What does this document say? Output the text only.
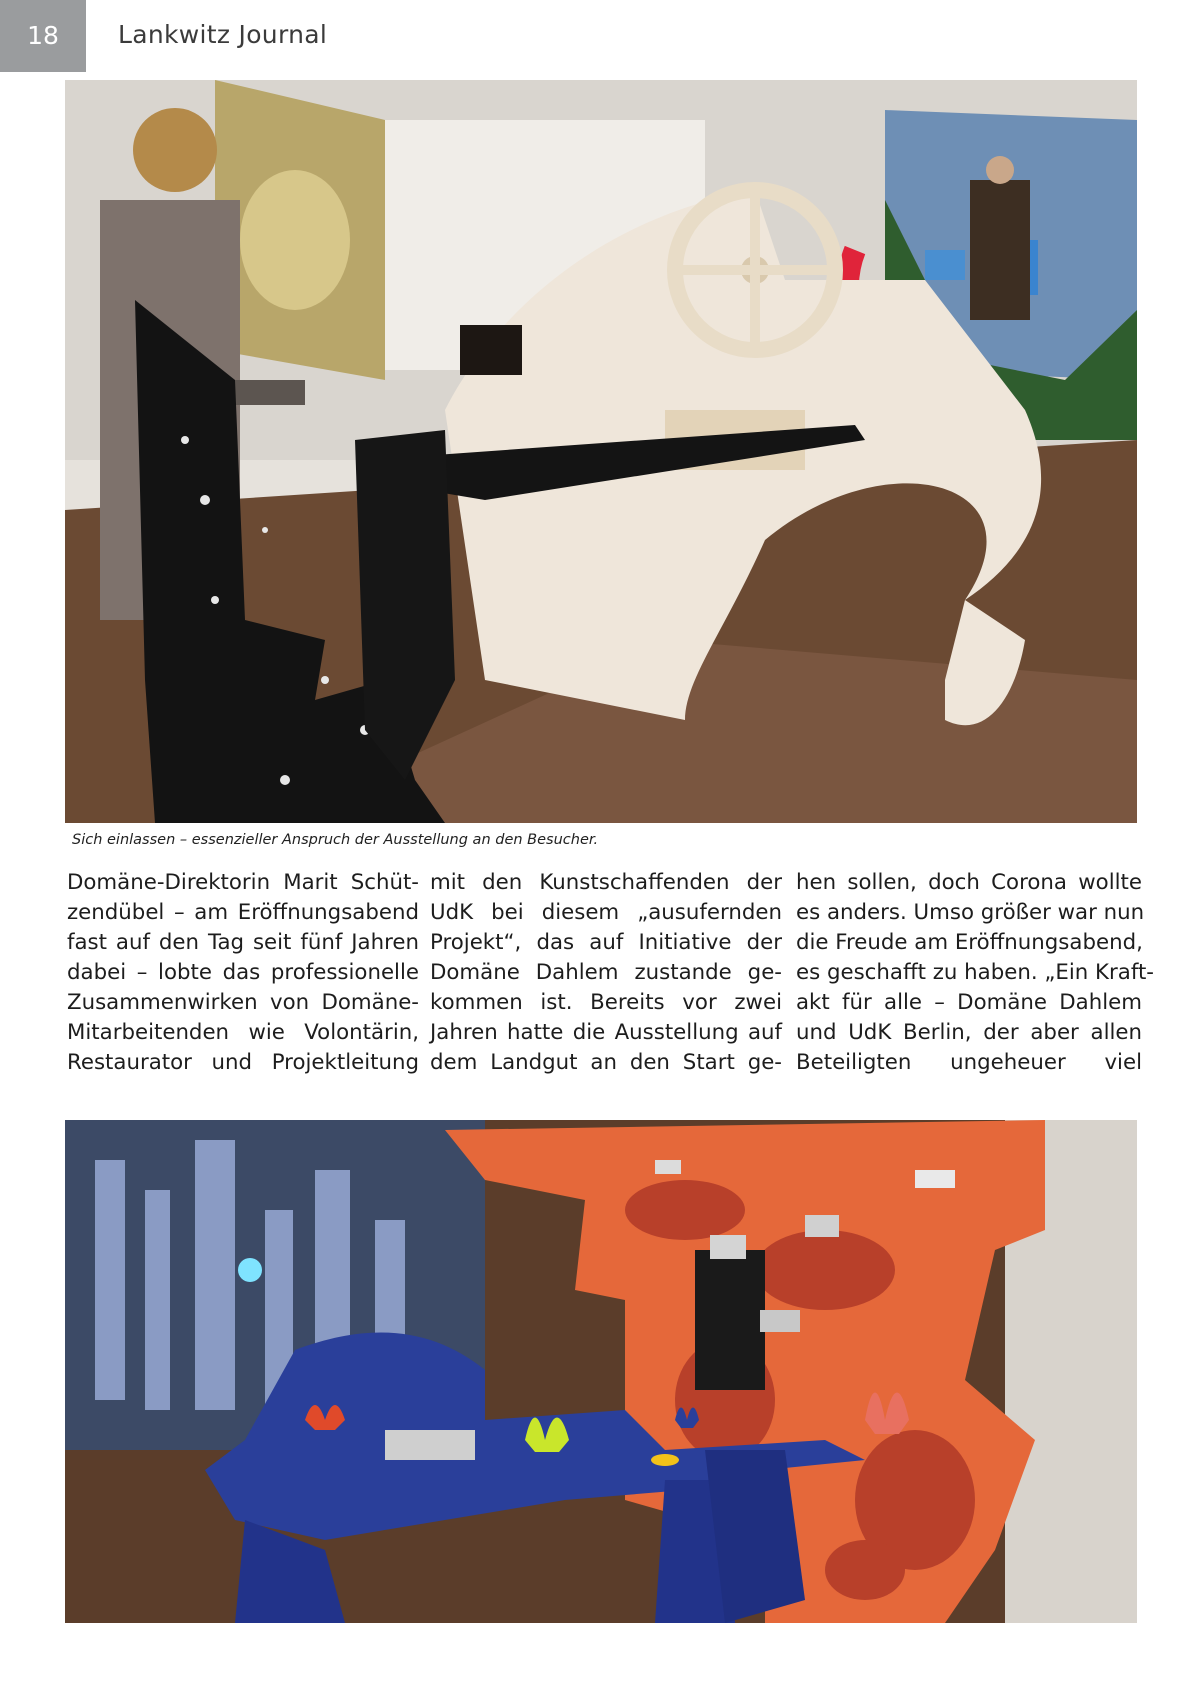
18	Lankwitz Journal
Sich einlassen – essenzieller Anspruch der Ausstellung an den Besucher.
Domäne-Direktorin Marit Schüt-
zendübel – am Eröffnungsabend
fast auf den Tag seit fünf Jahren
dabei – lobte das professionelle
Zusammenwirken von Domäne-
Mitarbeitenden wie Volontärin,
Restaurator und Projektleitung
mit den Kunstschaffenden der
UdK bei diesem „ausufernden
Projekt“, das auf Initiative der
Domäne Dahlem zustande ge-
kommen ist. Bereits vor zwei
Jahren hatte die Ausstellung auf
dem Landgut an den Start ge-
hen sollen, doch Corona wollte
es anders. Umso größer war nun
die Freude am Eröffnungsabend,
es geschafft zu haben. „Ein Kraft-
akt für alle – Domäne Dahlem
und UdK Berlin, der aber allen
Beteiligten ungeheuer viel
